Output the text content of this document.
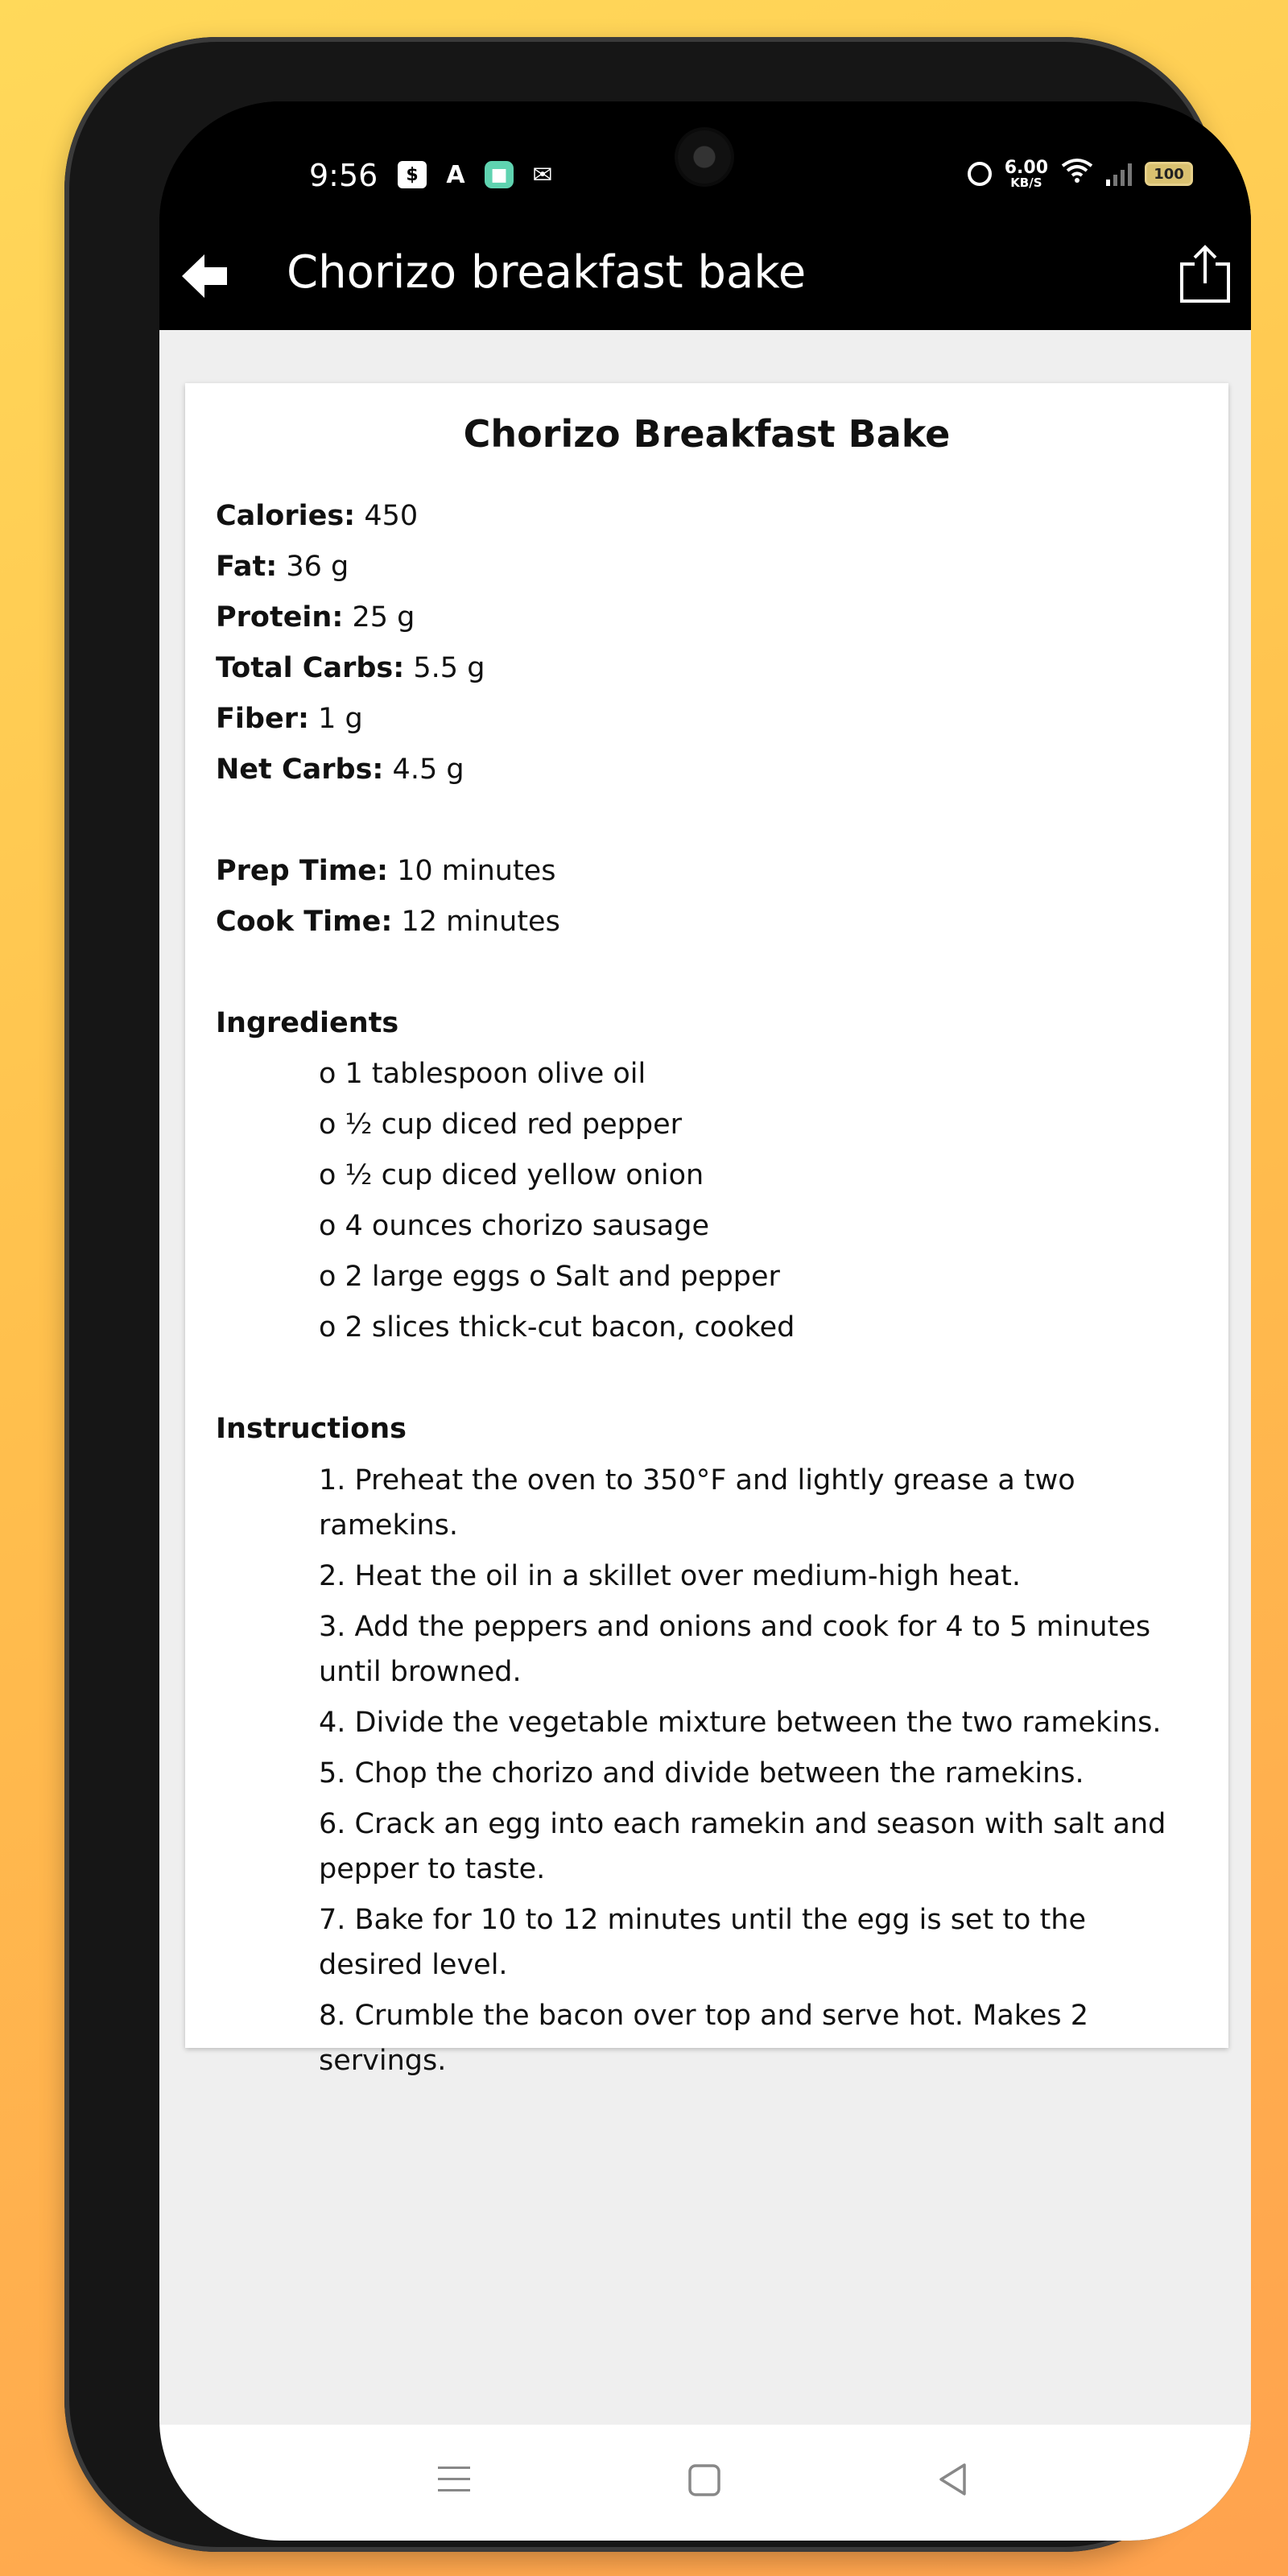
9:56	$	A	■ ✉	6.00
KB/S	100
Chorizo breakfast bake
Chorizo Breakfast Bake
Calories: 450
Fat: 36 g
Protein: 25 g
Total Carbs: 5.5 g
Fiber: 1 g
Net Carbs: 4.5 g
Prep Time: 10 minutes
Cook Time: 12 minutes
Ingredients
o 1 tablespoon olive oil
o ½ cup diced red pepper
o ½ cup diced yellow onion
o 4 ounces chorizo sausage
o 2 large eggs o Salt and pepper
o 2 slices thick-cut bacon, cooked
Instructions
1. Preheat the oven to 350°F and lightly grease a two ramekins.
2. Heat the oil in a skillet over medium-high heat.
3. Add the peppers and onions and cook for 4 to 5 minutes until browned.
4. Divide the vegetable mixture between the two ramekins.
5. Chop the chorizo and divide between the ramekins.
6. Crack an egg into each ramekin and season with salt and pepper to taste.
7. Bake for 10 to 12 minutes until the egg is set to the desired level.
8. Crumble the bacon over top and serve hot. Makes 2 servings.
